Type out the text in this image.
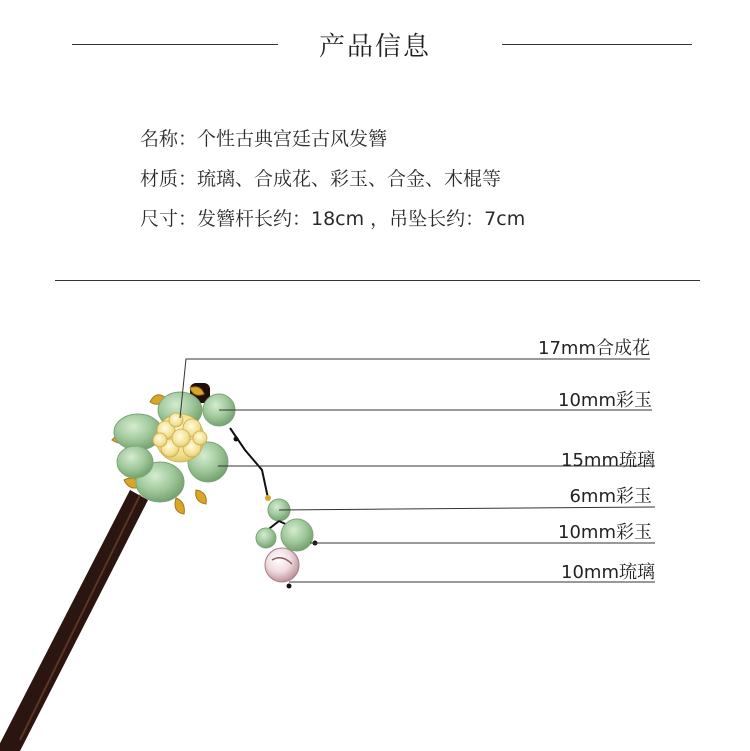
产品信息
名称：个性古典宫廷古风发簪
材质：琉璃、合成花、彩玉、合金、木棍等
尺寸：发簪杆长约：18cm ，吊坠长约：7cm
17mm合成花
10mm彩玉
15mm琉璃
6mm彩玉
10mm彩玉
10mm琉璃
